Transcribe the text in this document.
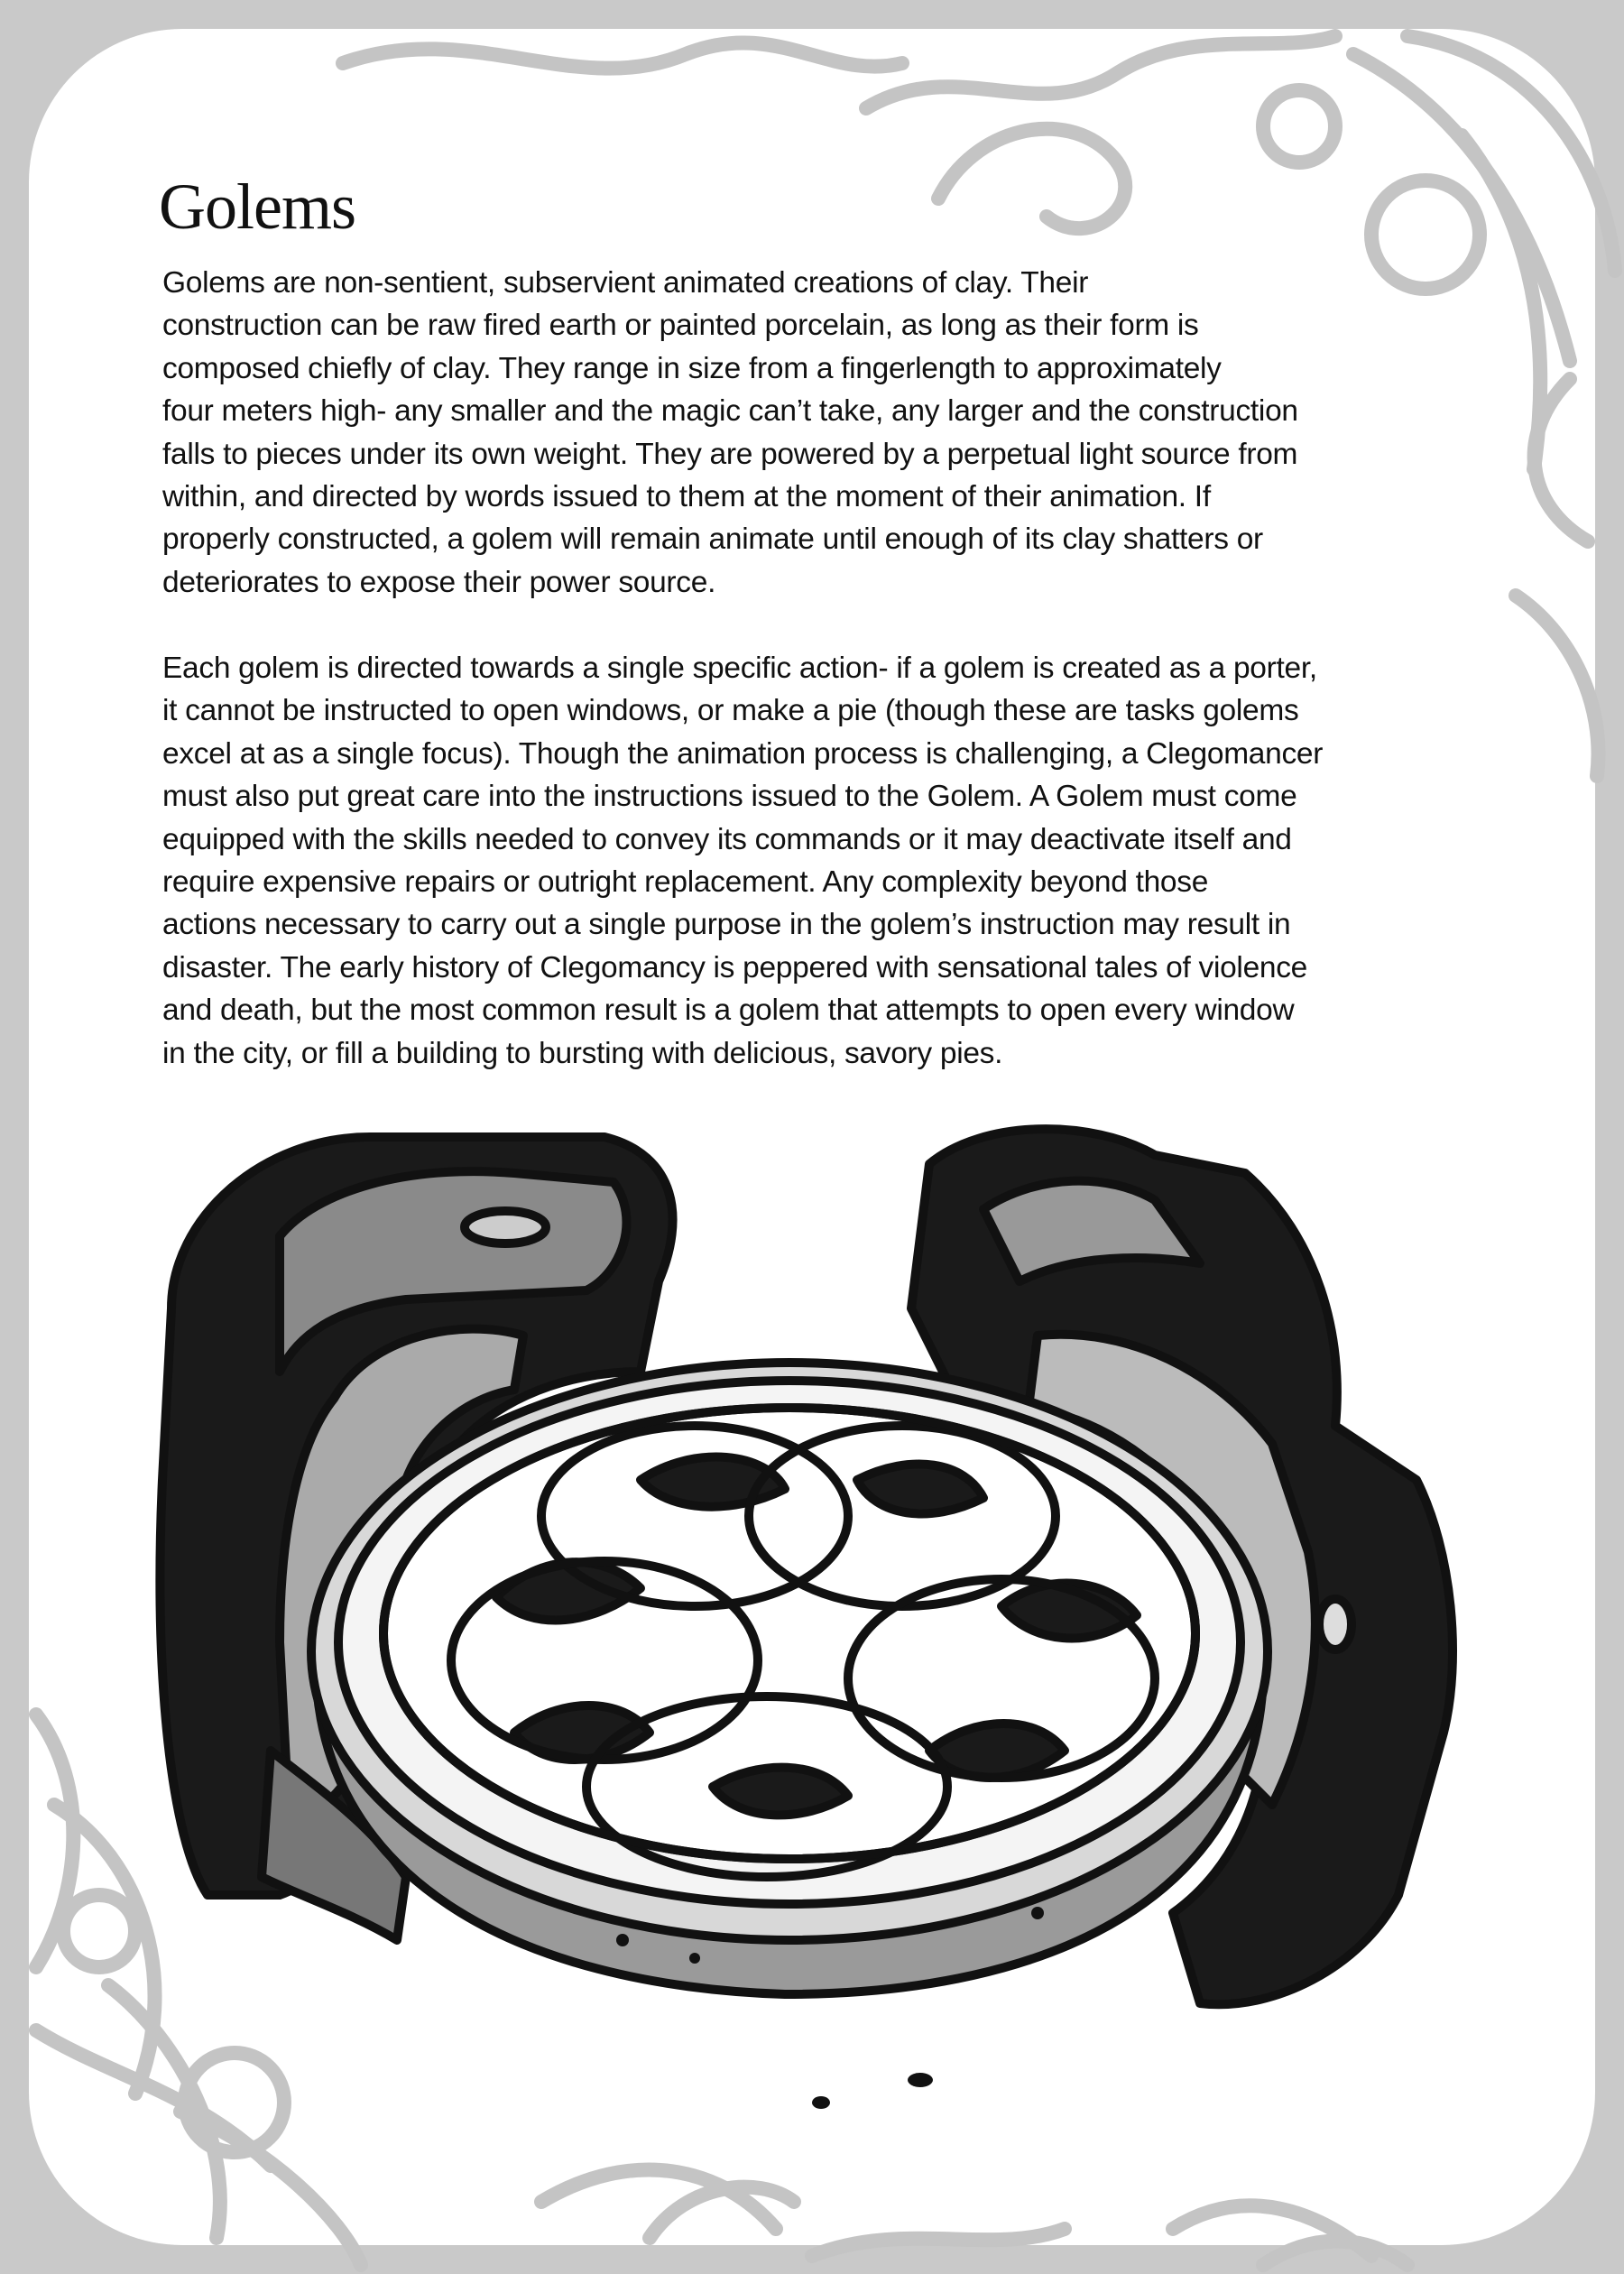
Golems
Golems are non-sentient, subservient animated creations of clay. Their
construction can be raw fired earth or painted porcelain, as long as their form is
composed chiefly of clay. They range in size from a fingerlength to approximately
four meters high- any smaller and the magic can’t take, any larger and the construction
falls to pieces under its own weight. They are powered by a perpetual light source from
within, and directed by words issued to them at the moment of their animation. If
properly constructed, a golem will remain animate until enough of its clay shatters or
deteriorates to expose their power source.
Each golem is directed towards a single specific action- if a golem is created as a porter,
it cannot be instructed to open windows, or make a pie (though these are tasks golems
excel at as a single focus). Though the animation process is challenging, a Clegomancer
must also put great care into the instructions issued to the Golem. A Golem must come
equipped with the skills needed to convey its commands or it may deactivate itself and
require expensive repairs or outright replacement. Any complexity beyond those
actions necessary to carry out a single purpose in the golem’s instruction may result in
disaster. The early history of Clegomancy is peppered with sensational tales of violence
and death, but the most common result is a golem that attempts to open every window
in the city, or fill a building to bursting with delicious, savory pies.
